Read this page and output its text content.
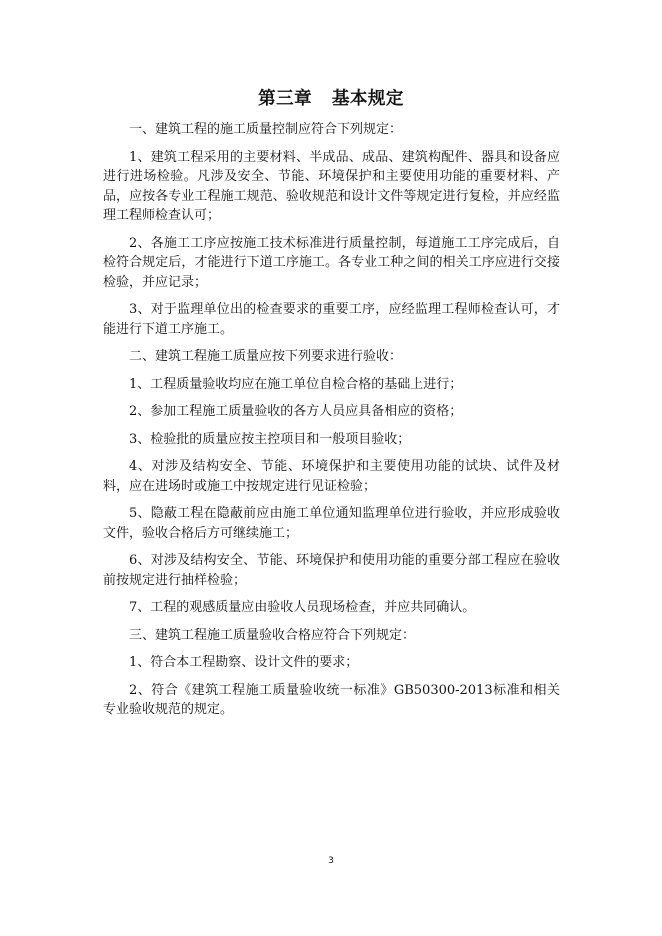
第三章   基本规定

一、建筑工程的施工质量控制应符合下列规定：

1、建筑工程采用的主要材料、半成品、成品、建筑构配件、器具和设备应进行进场检验。凡涉及安全、节能、环境保护和主要使用功能的重要材料、产品，应按各专业工程施工规范、验收规范和设计文件等规定进行复检，并应经监理工程师检查认可；

2、各施工工序应按施工技术标准进行质量控制，每道施工工序完成后，自检符合规定后，才能进行下道工序施工。各专业工种之间的相关工序应进行交接检验，并应记录；

3、对于监理单位出的检查要求的重要工序，应经监理工程师检查认可，才能进行下道工序施工。

二、建筑工程施工质量应按下列要求进行验收：

1、工程质量验收均应在施工单位自检合格的基础上进行；

2、参加工程施工质量验收的各方人员应具备相应的资格；

3、检验批的质量应按主控项目和一般项目验收；

4、对涉及结构安全、节能、环境保护和主要使用功能的试块、试件及材料，应在进场时或施工中按规定进行见证检验；

5、隐蔽工程在隐蔽前应由施工单位通知监理单位进行验收，并应形成验收文件，验收合格后方可继续施工；

6、对涉及结构安全、节能、环境保护和使用功能的重要分部工程应在验收前按规定进行抽样检验；

7、工程的观感质量应由验收人员现场检查，并应共同确认。

三、建筑工程施工质量验收合格应符合下列规定：

1、符合本工程勘察、设计文件的要求；

2、符合《建筑工程施工质量验收统一标准》GB50300-2013标准和相关专业验收规范的规定。

3
